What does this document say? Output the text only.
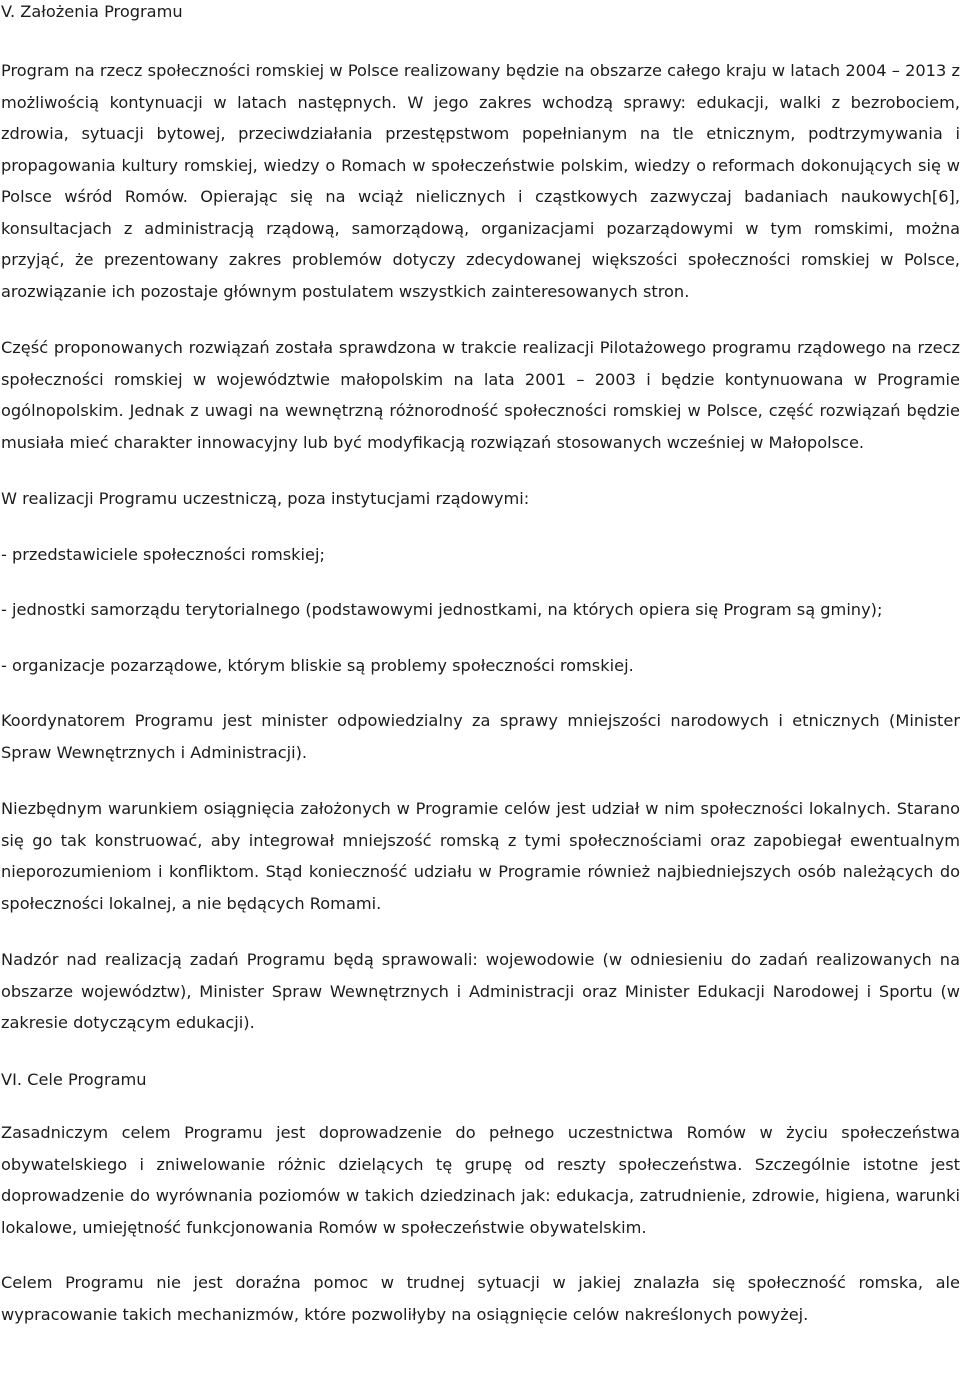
V. Założenia Programu

Program na rzecz społeczności romskiej w Polsce realizowany będzie na obszarze całego kraju w latach 2004 – 2013 z możliwością kontynuacji w latach następnych. W jego zakres wchodzą sprawy: edukacji, walki z bezrobociem, zdrowia, sytuacji bytowej, przeciwdziałania przestępstwom popełnianym na tle etnicznym, podtrzymywania i propagowania kultury romskiej, wiedzy o Romach w społeczeństwie polskim, wiedzy o reformach dokonujących się w Polsce wśród Romów. Opierając się na wciąż nielicznych i cząstkowych zazwyczaj badaniach naukowych[6], konsultacjach z administracją rządową, samorządową, organizacjami pozarządowymi w tym romskimi, można przyjąć, że prezentowany zakres problemów dotyczy zdecydowanej większości społeczności romskiej w Polsce, arozwiązanie ich pozostaje głównym postulatem wszystkich zainteresowanych stron.

Część proponowanych rozwiązań została sprawdzona w trakcie realizacji Pilotażowego programu rządowego na rzecz społeczności romskiej w województwie małopolskim na lata 2001 – 2003 i będzie kontynuowana w Programie ogólnopolskim. Jednak z uwagi na wewnętrzną różnorodność społeczności romskiej w Polsce, część rozwiązań będzie musiała mieć charakter innowacyjny lub być modyfikacją rozwiązań stosowanych wcześniej w Małopolsce.

W realizacji Programu uczestniczą, poza instytucjami rządowymi:

- przedstawiciele społeczności romskiej;

- jednostki samorządu terytorialnego (podstawowymi jednostkami, na których opiera się Program są gminy);

- organizacje pozarządowe, którym bliskie są problemy społeczności romskiej.

Koordynatorem Programu jest minister odpowiedzialny za sprawy mniejszości narodowych i etnicznych (Minister Spraw Wewnętrznych i Administracji).

Niezbędnym warunkiem osiągnięcia założonych w Programie celów jest udział w nim społeczności lokalnych. Starano się go tak konstruować, aby integrował mniejszość romską z tymi społecznościami oraz zapobiegał ewentualnym nieporozumieniom i konfliktom. Stąd konieczność udziału w Programie również najbiedniejszych osób należących do społeczności lokalnej, a nie będących Romami.

Nadzór nad realizacją zadań Programu będą sprawowali: wojewodowie (w odniesieniu do zadań realizowanych na obszarze województw), Minister Spraw Wewnętrznych i Administracji oraz Minister Edukacji Narodowej i Sportu (w zakresie dotyczącym edukacji).

VI. Cele Programu

Zasadniczym celem Programu jest doprowadzenie do pełnego uczestnictwa Romów w życiu społeczeństwa obywatelskiego i zniwelowanie różnic dzielących tę grupę od reszty społeczeństwa. Szczególnie istotne jest doprowadzenie do wyrównania poziomów w takich dziedzinach jak: edukacja, zatrudnienie, zdrowie, higiena, warunki lokalowe, umiejętność funkcjonowania Romów w społeczeństwie obywatelskim.

Celem Programu nie jest doraźna pomoc w trudnej sytuacji w jakiej znalazła się społeczność romska, ale wypracowanie takich mechanizmów, które pozwoliłyby na osiągnięcie celów nakreślonych powyżej.
